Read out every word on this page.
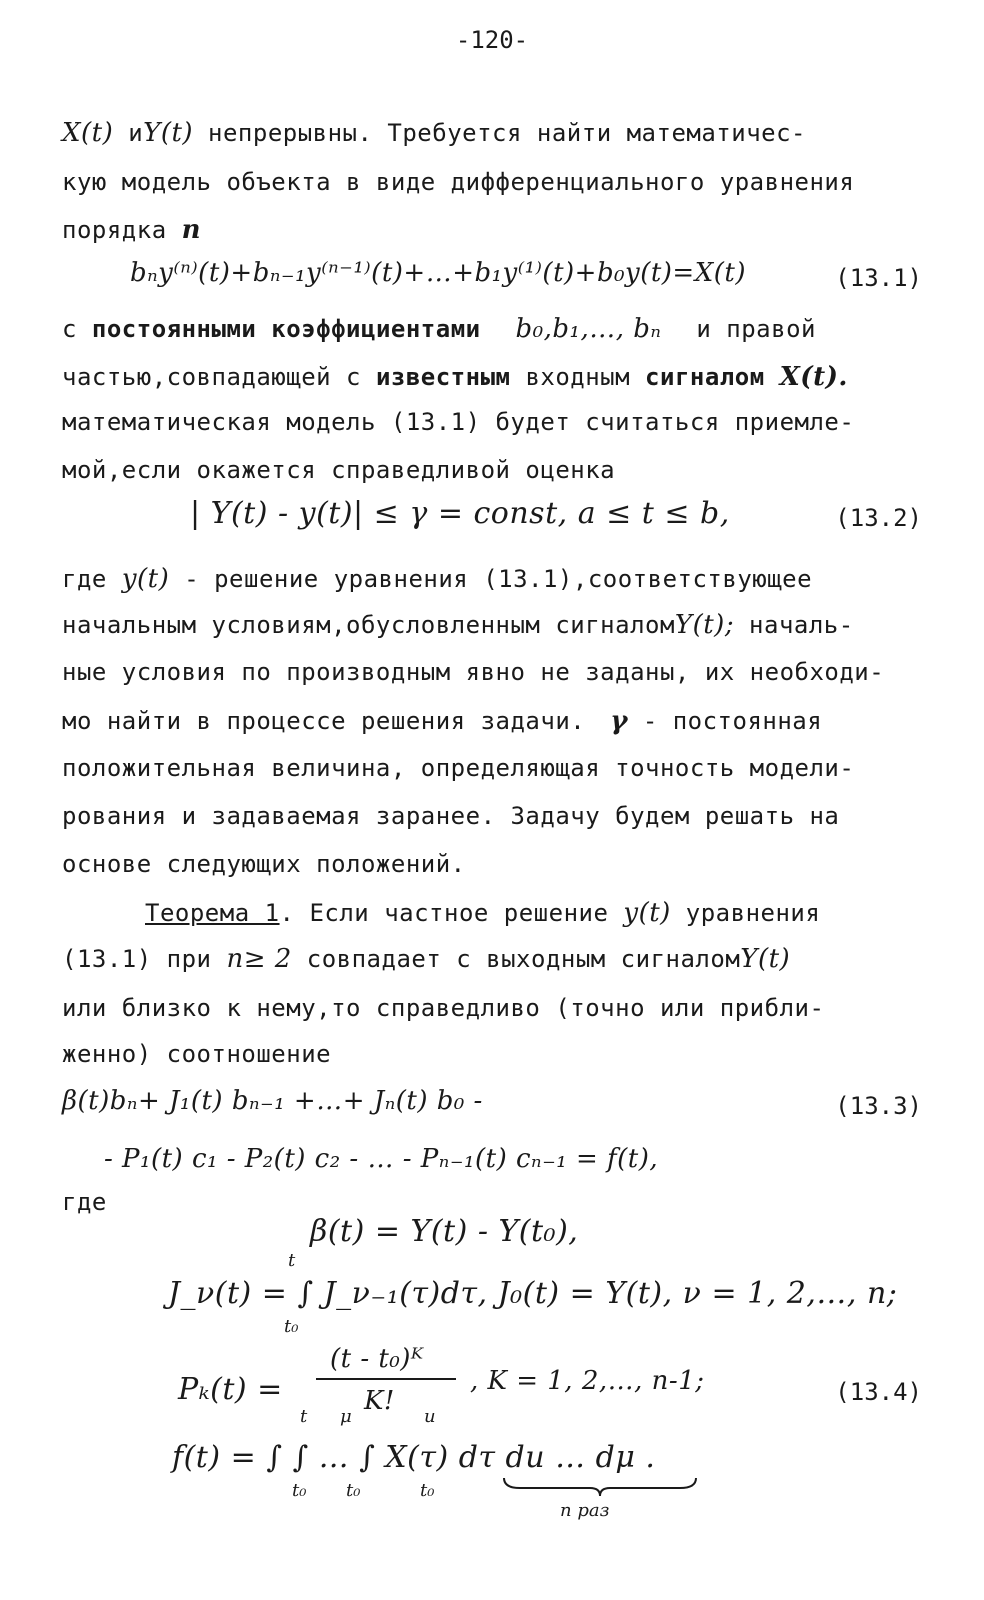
-120-
X(t) иY(t) непрерывны. Требуется найти математичес-
кую модель объекта в виде дифференциального уравнения
порядка n
bₙy⁽ⁿ⁾(t)+bₙ₋₁y⁽ⁿ⁻¹⁾(t)+…+b₁y⁽¹⁾(t)+b₀y(t)=X(t)	(13.1)
с постоянными коэффициентами b₀,b₁,…, bₙ и правой
частью,совпадающей с известным входным сигналом X(t).
математическая модель (13.1) будет считаться приемле-
мой,если окажется справедливой оценка
| Y(t) - y(t)| ≤ γ = const, a ≤ t ≤ b,	(13.2)
где y(t) - решение уравнения (13.1),соответствующее
начальным условиям,обусловленным сигналомY(t); началь-
ные условия по производным явно не заданы, их необходи-
мо найти в процессе решения задачи. γ - постоянная
положительная величина, определяющая точность модели-
рования и задаваемая заранее. Задачу будем решать на
основе следующих положений.
Теорема 1. Если частное решение y(t) уравнения
(13.1) при n≥ 2 совпадает с выходным сигналомY(t)
или близко к нему,то справедливо (точно или прибли-
женно) соотношение
β(t)bₙ+ J₁(t) bₙ₋₁ +…+ Jₙ(t) b₀ -	(13.3)
- P₁(t) c₁ - P₂(t) c₂ - … - Pₙ₋₁(t) cₙ₋₁ = f(t),
где
β(t) = Y(t) - Y(t₀),
t
J_ν(t) = ∫ J_ν₋₁(τ)dτ, J₀(t) = Y(t), ν = 1, 2,…, n;
t₀
Pₖ(t) =
(t - t₀)ᴷ
K!
, K = 1, 2,…, n-1;	(13.4)
t μ	u
f(t) = ∫ ∫ … ∫ X(τ) dτ du … dμ .
t₀ t₀	t₀
n раз
